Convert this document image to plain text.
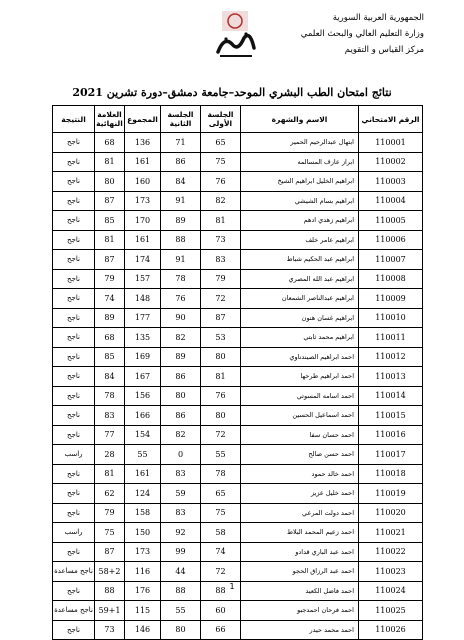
الجمهورية العربية السورية
وزارة التعليم العالي والبحث العلمي
مركز القياس و التقويم
نتائج امتحان الطب البشري الموحد–جامعة دمشق–دورة تشرين 2021
الرقم الامتحاني	الاسم والشهرة	الجلسة الأولى	الجلسة الثانية	المجموع	العلامة النهائية	النتيجة
110001	ابتهال عبدالرحيم الحمير	65	71	136	68	ناجح
110002	ابراز عارف المسالمه	75	86	161	81	ناجح
110003	ابراهيم الخليل ابراهيم الشيخ	76	84	160	80	ناجح
110004	ابراهيم بسام الشيشي	82	91	173	87	ناجح
110005	ابراهيم زهدي ادهم	81	89	170	85	ناجح
110006	ابراهيم عامر خلف	73	88	161	81	ناجح
110007	ابراهيم عبد الحكيم شباط	83	91	174	87	ناجح
110008	ابراهيم عبد الله المصري	79	78	157	79	ناجح
110009	ابراهيم عبدالناصر الشمعان	72	76	148	74	ناجح
110010	ابراهيم غسان هنون	87	90	177	89	ناجح
110011	ابراهيم محمد ثابتي	53	82	135	68	ناجح
110012	احمد ابراهيم الصيندناوي	80	89	169	85	ناجح
110013	احمد ابراهيم طرحها	81	86	167	84	ناجح
110014	احمد اسامه المسوتي	76	80	156	78	ناجح
110015	احمد اسماعيل الحسين	80	86	166	83	ناجح
110016	احمد حسان سفا	72	82	154	77	ناجح
110017	احمد حسن صالح	55	0	55	28	راسب
110018	احمد خالد حمود	78	83	161	81	ناجح
110019	احمد خليل عزيز	65	59	124	62	ناجح
110020	احمد دولت المرعي	75	83	158	79	ناجح
110021	احمد زعيم المحمد البلاط	58	92	150	75	راسب
110022	احمد عبد الباري قدادو	74	99	173	87	ناجح
110023	احمد عبد الرزاق الحجو	72	44	116	58+2	ناجح مساعدة
110024	احمد فاضل الكعيد	88	88	176	88	ناجح
110025	احمد فرحان احمدجبو	60	55	115	59+1	ناجح مساعدة
110026	احمد محمد حيدر	66	80	146	73	ناجح
1
